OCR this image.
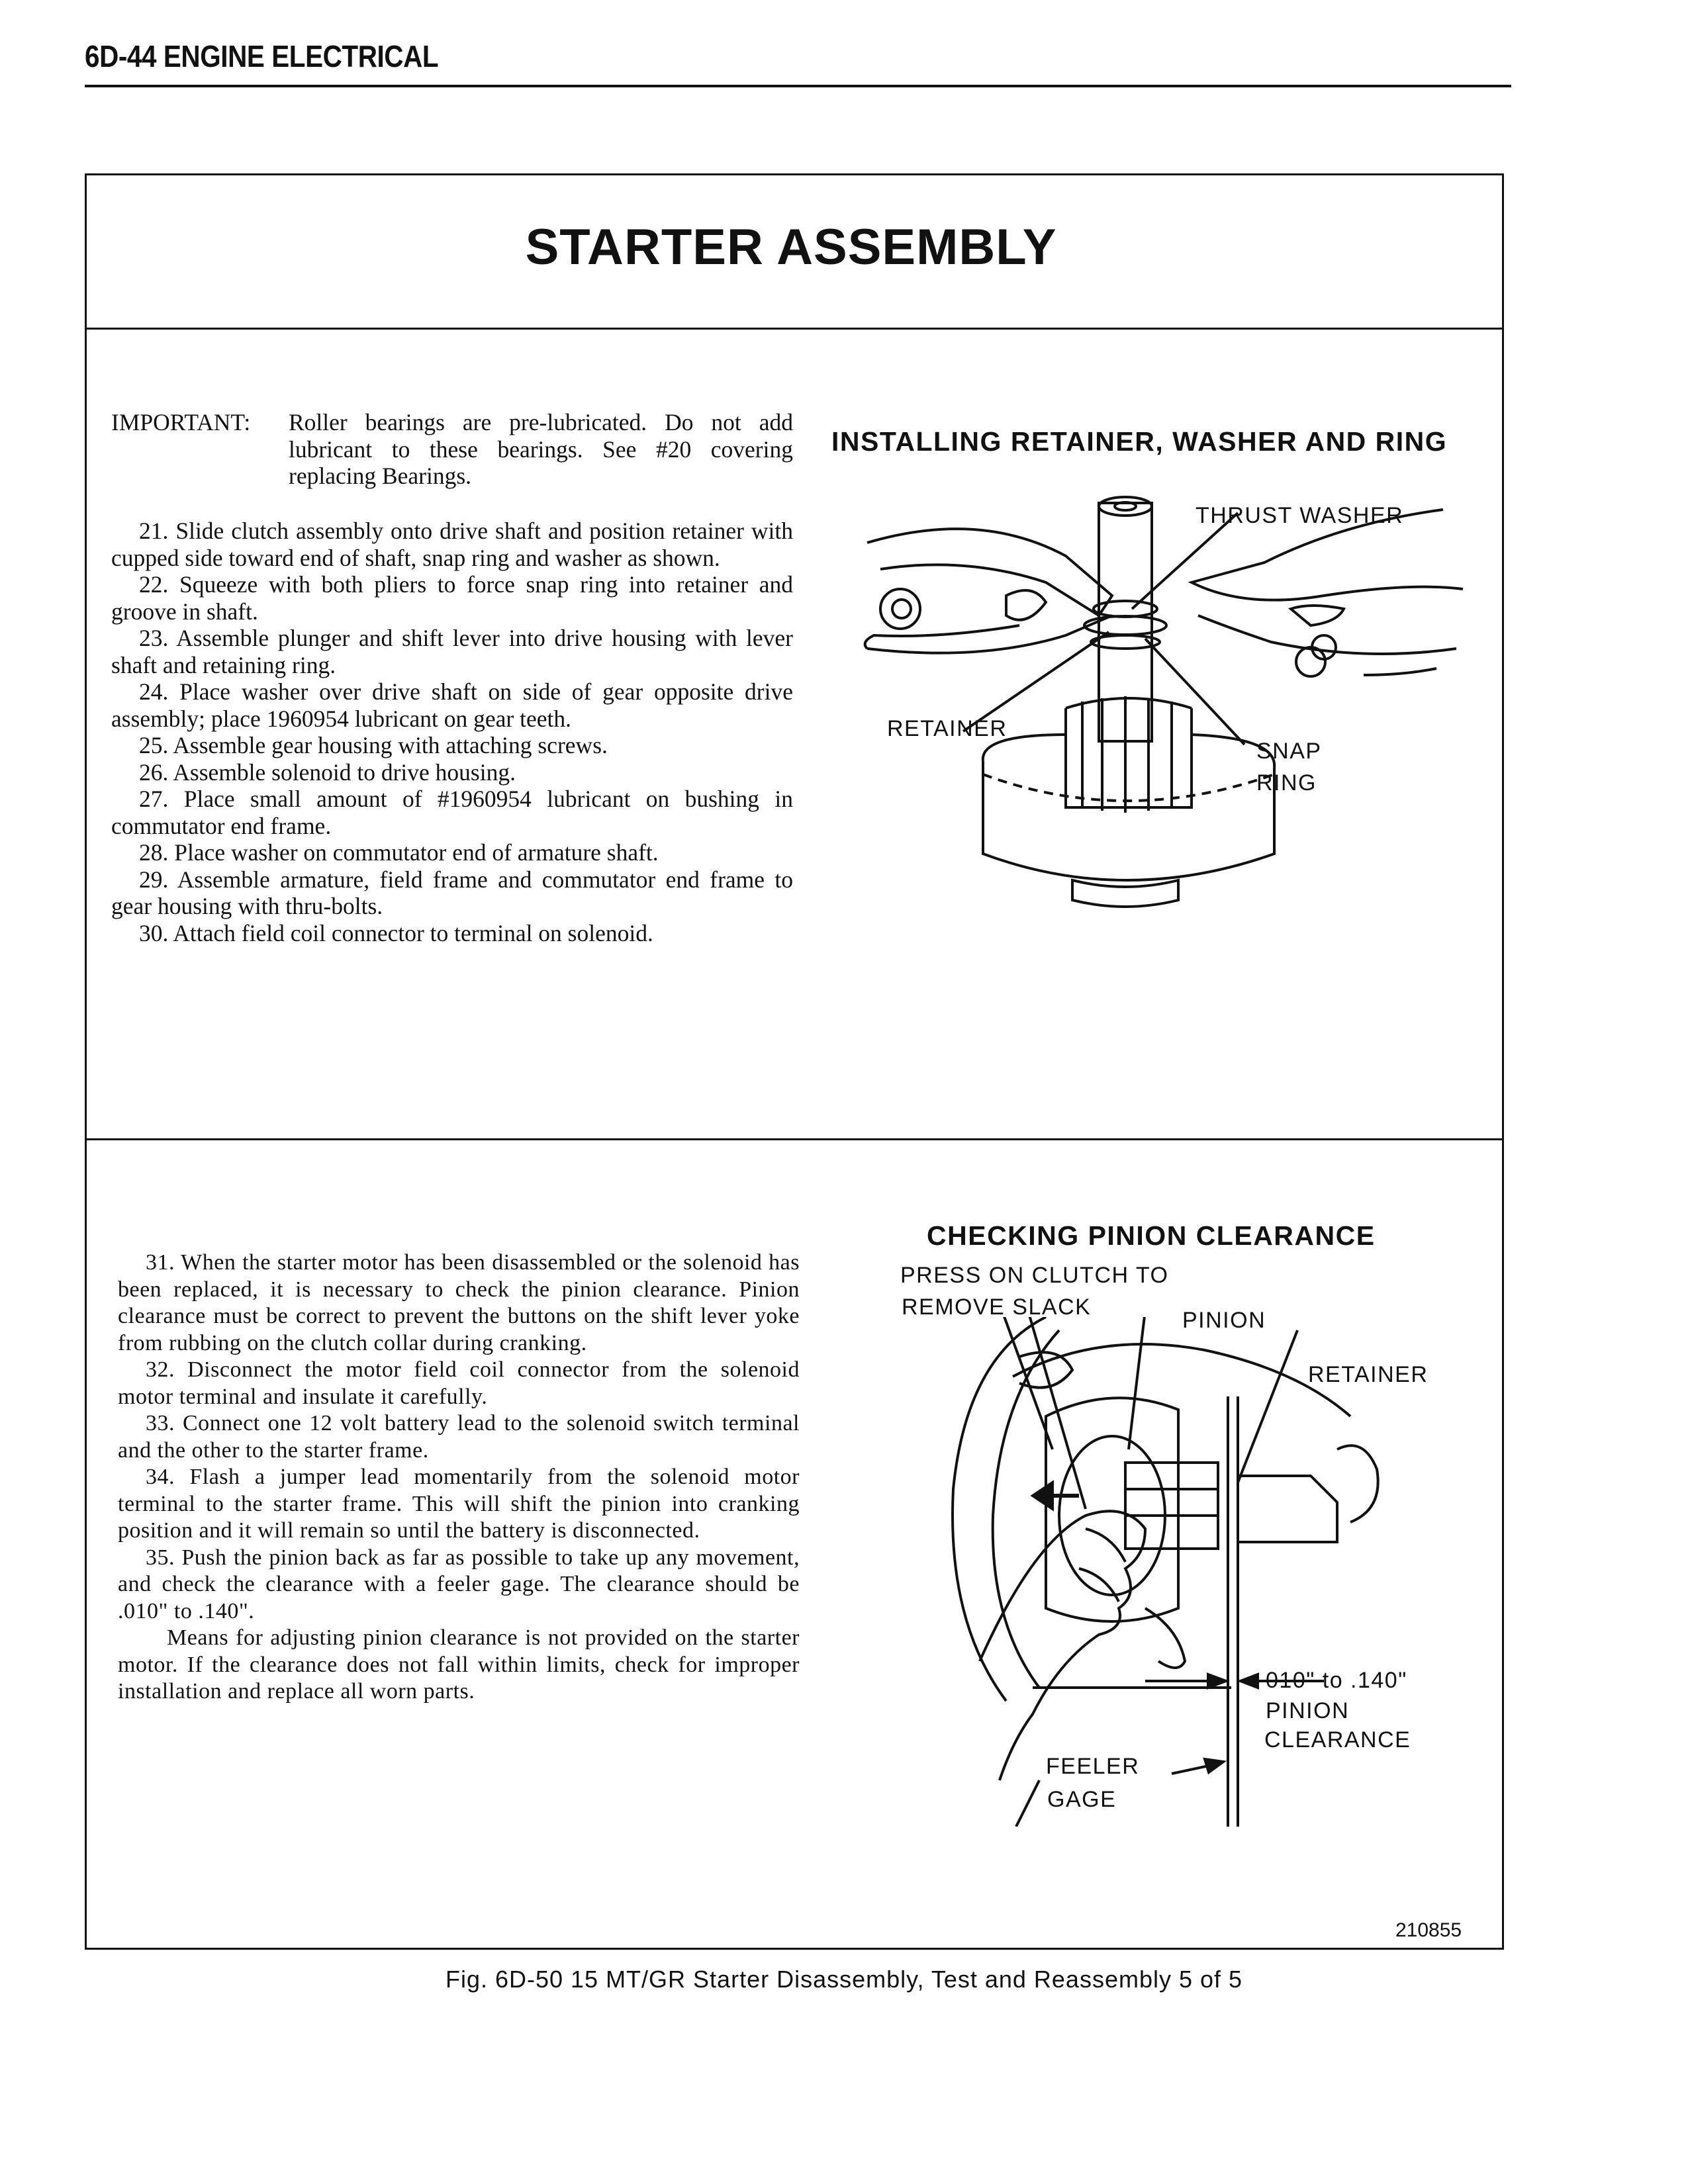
6D-44 ENGINE ELECTRICAL
STARTER ASSEMBLY
IMPORTANT:	Roller bearings are pre-lubricated. Do not add lubricant to these bearings. See #20 covering replacing Bearings.

21. Slide clutch assembly onto drive shaft and position retainer with cupped side toward end of shaft, snap ring and washer as shown.

22. Squeeze with both pliers to force snap ring into retainer and groove in shaft.

23. Assemble plunger and shift lever into drive housing with lever shaft and retaining ring.

24. Place washer over drive shaft on side of gear opposite drive assembly; place 1960954 lubricant on gear teeth.

25. Assemble gear housing with attaching screws.

26. Assemble solenoid to drive housing.

27. Place small amount of #1960954 lubricant on bushing in commutator end frame.

28. Place washer on commutator end of armature shaft.

29. Assemble armature, field frame and commutator end frame to gear housing with thru-bolts.

30. Attach field coil connector to terminal on solenoid.

INSTALLING RETAINER, WASHER AND RING
THRUST WASHER
RETAINER
SNAP
RING

31. When the starter motor has been disassembled or the solenoid has been replaced, it is necessary to check the pinion clearance. Pinion clearance must be correct to prevent the buttons on the shift lever yoke from rubbing on the clutch collar during cranking.

32. Disconnect the motor field coil connector from the solenoid motor terminal and insulate it carefully.

33. Connect one 12 volt battery lead to the solenoid switch terminal and the other to the starter frame.

34. Flash a jumper lead momentarily from the solenoid motor terminal to the starter frame. This will shift the pinion into cranking position and it will remain so until the battery is disconnected.

35. Push the pinion back as far as possible to take up any movement, and check the clearance with a feeler gage. The clearance should be .010" to .140".

Means for adjusting pinion clearance is not provided on the starter motor. If the clearance does not fall within limits, check for improper installation and replace all worn parts.

CHECKING PINION CLEARANCE
PRESS ON CLUTCH TO
REMOVE SLACK
PINION
RETAINER
010" to .140"
PINION
CLEARANCE
FEELER
GAGE
210855
Fig. 6D-50 15 MT/GR Starter Disassembly, Test and Reassembly 5 of 5
